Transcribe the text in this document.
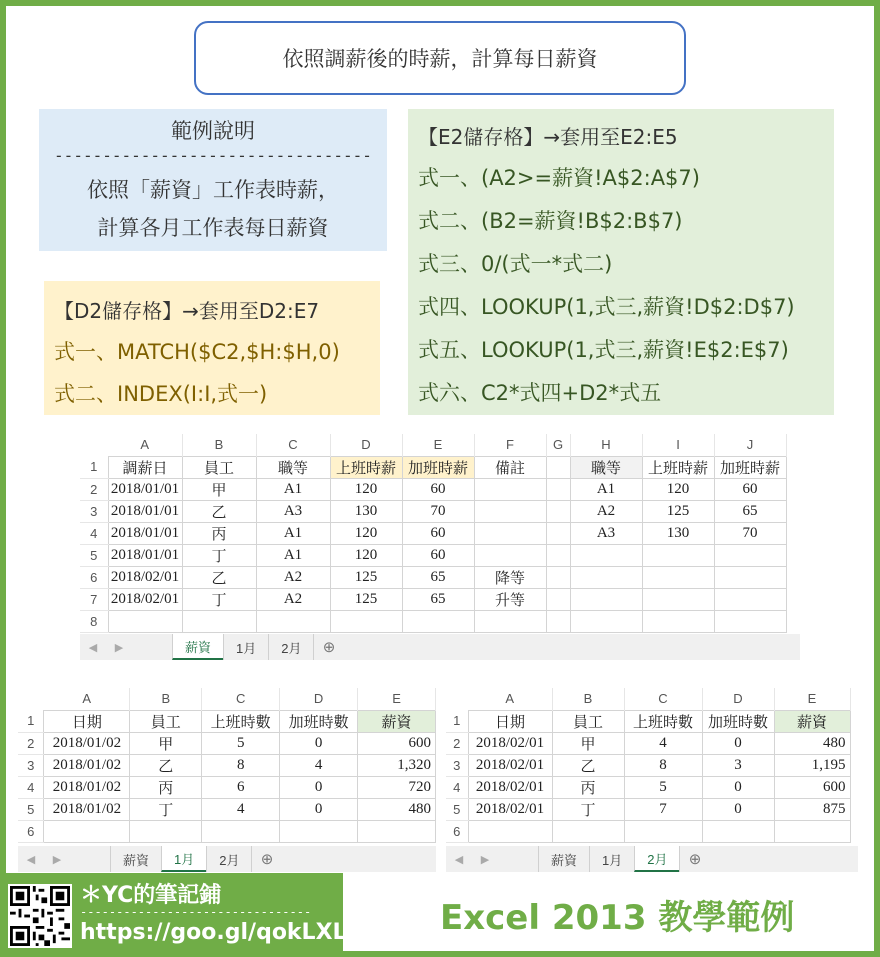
依照調薪後的時薪，計算每日薪資
範例說明
---------------------------------
依照「薪資」工作表時薪，
計算各月工作表每日薪資
【D2儲存格】→套用至D2:E7
式一、MATCH($C2,$H:$H,0)
式二、INDEX(I:I,式一)
【E2儲存格】→套用至E2:E5
式一、(A2>=薪資!A$2:A$7)
式二、(B2=薪資!B$2:B$7)
式三、0/(式一*式二)
式四、LOOKUP(1,式三,薪資!D$2:D$7)
式五、LOOKUP(1,式三,薪資!E$2:E$7)
式六、C2*式四+D2*式五
	A	B	C	D	E	F	G	H	I	J
1	調薪日	員工	職等	上班時薪	加班時薪	備註		職等	上班時薪	加班時薪
2	2018/01/01	甲	A1	120	60			A1	120	60
3	2018/01/01	乙	A3	130	70			A2	125	65
4	2018/01/01	丙	A1	120	60			A3	130	70
5	2018/01/01	丁	A1	120	60					
6	2018/02/01	乙	A2	125	65	降等				
7	2018/02/01	丁	A2	125	65	升等				
8										
◀	▶	薪資	1月	2月	⊕
	A	B	C	D	E
1	日期	員工	上班時數	加班時數	薪資
2	2018/01/02	甲	5	0	600
3	2018/01/02	乙	8	4	1,320
4	2018/01/02	丙	6	0	720
5	2018/01/02	丁	4	0	480
6					
◀	▶	薪資	1月	2月	⊕
	A	B	C	D	E
1	日期	員工	上班時數	加班時數	薪資
2	2018/02/01	甲	4	0	480
3	2018/02/01	乙	8	3	1,195
4	2018/02/01	丙	5	0	600
5	2018/02/01	丁	7	0	875
6					
◀	▶	薪資	1月	2月	⊕
＊YC的筆記鋪
--------------------------------
https://goo.gl/qokLXL	Excel 2013 教學範例
